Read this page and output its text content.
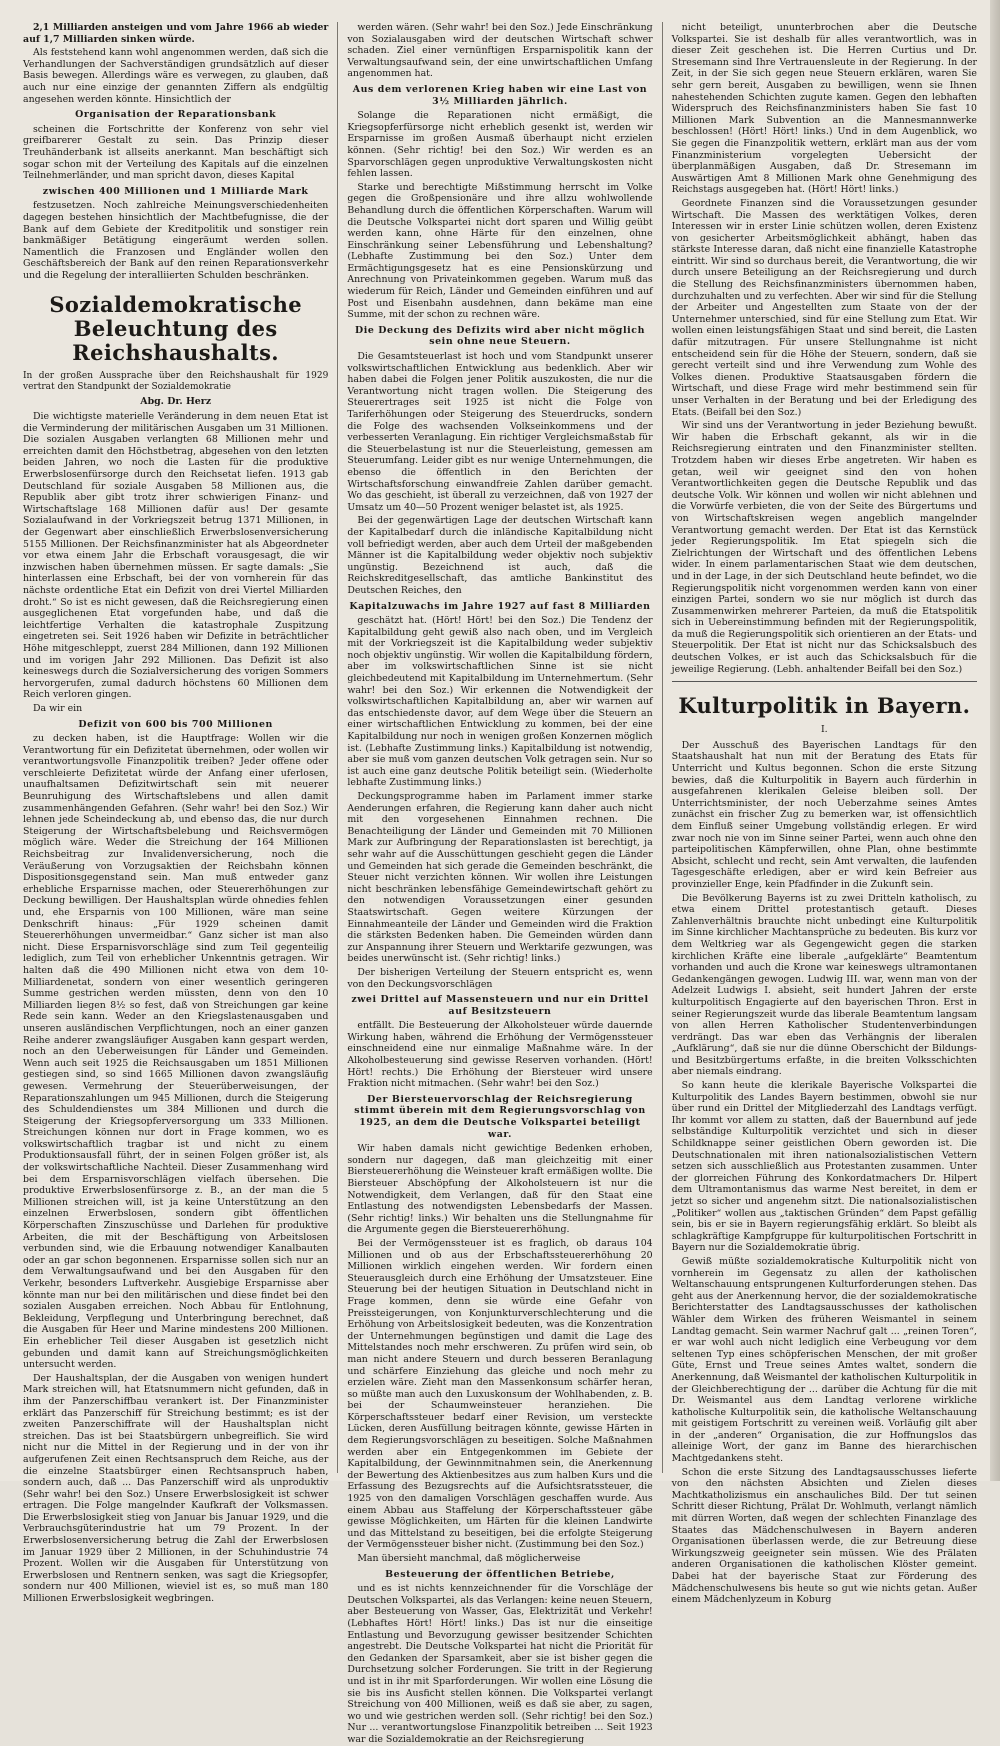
2,1 Milliarden ansteigen und vom Jahre 1966 ab wieder auf 1,7 Milliarden sinken würde.

Als feststehend kann wohl angenommen werden, daß sich die Verhandlungen der Sachverständigen grundsätzlich auf dieser Basis bewegen. Allerdings wäre es verwegen, zu glauben, daß auch nur eine einzige der genannten Ziffern als endgültig angesehen werden könnte. Hinsichtlich der

Organisation der Reparationsbank

scheinen die Fortschritte der Konferenz von sehr viel greifbarerer Gestalt zu sein. Das Prinzip dieser Treuhänderbank ist allseits anerkannt. Man beschäftigt sich sogar schon mit der Verteilung des Kapitals auf die einzelnen Teilnehmerländer, und man spricht davon, dieses Kapital

zwischen 400 Millionen und 1 Milliarde Mark

festzusetzen. Noch zahlreiche Meinungsverschiedenheiten dagegen bestehen hinsichtlich der Machtbefugnisse, die der Bank auf dem Gebiete der Kreditpolitik und sonstiger rein bankmäßiger Betätigung eingeräumt werden sollen. Namentlich die Franzosen und Engländer wollen den Geschäftsbereich der Bank auf den reinen Reparationsverkehr und die Regelung der interalliierten Schulden beschränken.

Sozialdemokratische Beleuchtung des
Reichshaushalts.

In der großen Aussprache über den Reichshaushalt für 1929 vertrat den Standpunkt der Sozialdemokratie

Abg. Dr. Herz

Die wichtigste materielle Veränderung in dem neuen Etat ist die Verminderung der militärischen Ausgaben um 31 Millionen. Die sozialen Ausgaben verlangten 68 Millionen mehr und erreichten damit den Höchstbetrag, abgesehen von den letzten beiden Jahren, wo noch die Lasten für die produktive Erwerbslosenfürsorge durch den Reichsetat liefen. 1913 gab Deutschland für soziale Ausgaben 58 Millionen aus, die Republik aber gibt trotz ihrer schwierigen Finanz- und Wirtschaftslage 168 Millionen dafür aus! Der gesamte Sozialaufwand in der Vorkriegszeit betrug 1371 Millionen, in der Gegenwart aber einschließlich Erwerbslosenversicherung 5155 Millionen. Der Reichsfinanzminister hat als Abgeordneter vor etwa einem Jahr die Erbschaft vorausgesagt, die wir inzwischen haben übernehmen müssen. Er sagte damals: „Sie hinterlassen eine Erbschaft, bei der von vornherein für das nächste ordentliche Etat ein Defizit von drei Viertel Milliarden droht.“ So ist es nicht gewesen, daß die Reichsregierung einen ausgeglichenen Etat vorgefunden habe, und daß die leichtfertige Verhalten die katastrophale Zuspitzung eingetreten sei. Seit 1926 haben wir Defizite in beträchtlicher Höhe mitgeschleppt, zuerst 284 Millionen, dann 192 Millionen und im vorigen Jahr 292 Millionen. Das Defizit ist also keineswegs durch die Sozialversicherung des vorigen Sommers hervorgerufen, zumal dadurch höchstens 60 Millionen dem Reich verloren gingen.

Da wir ein

Defizit von 600 bis 700 Millionen

zu decken haben, ist die Hauptfrage: Wollen wir die Verantwortung für ein Defizitetat übernehmen, oder wollen wir verantwortungsvolle Finanzpolitik treiben? Jeder offene oder verschleierte Defizitetat würde der Anfang einer uferlosen, unaufhaltsamen Defizitwirtschaft sein mit neuerer Beunruhigung des Wirtschaftslebens und allen damit zusammenhängenden Gefahren. (Sehr wahr! bei den Soz.) Wir lehnen jede Scheindeckung ab, und ebenso das, die nur durch Steigerung der Wirtschaftsbelebung und Reichsvermögen möglich wäre. Weder die Streichung der 164 Millionen Reichsbeitrag zur Invalidenversicherung, noch die Veräußerung von Vorzugsaktien der Reichsbahn können Dispositionsgegenstand sein. Man muß entweder ganz erhebliche Ersparnisse machen, oder Steuererhöhungen zur Deckung bewilligen. Der Haushaltsplan würde ohnedies fehlen und, ehe Ersparnis von 100 Millionen, wäre man seine Denkschrift hinaus: „Für 1929 scheinen damit Steuererhöhungen unvermeidbar.“ Ganz sicher ist man also nicht. Diese Ersparnisvorschläge sind zum Teil gegenteilig lediglich, zum Teil von erheblicher Unkenntnis getragen. Wir halten daß die 490 Millionen nicht etwa von dem 10-Milliardenetat, sondern von einer wesentlich geringeren Summe gestrichen werden müssten, denn von den 10 Milliarden liegen 8½ so fest, daß von Streichungen gar keine Rede sein kann. Weder an den Kriegslastenausgaben und unseren ausländischen Verpflichtungen, noch an einer ganzen Reihe anderer zwangsläufiger Ausgaben kann gespart werden, noch an den Ueberweisungen für Länder und Gemeinden. Wenn auch seit 1925 die Reichsausgaben um 1851 Millionen gestiegen sind, so sind 1665 Millionen davon zwangsläufig gewesen. Vermehrung der Steuerüberweisungen, der Reparationszahlungen um 945 Millionen, durch die Steigerung des Schuldendienstes um 384 Millionen und durch die Steigerung der Kriegsopferversorgung um 333 Millionen. Streichungen können nur dort in Frage kommen, wo es volkswirtschaftlich tragbar ist und nicht zu einem Produktionsausfall führt, der in seinen Folgen größer ist, als der volkswirtschaftliche Nachteil. Dieser Zusammenhang wird bei dem Ersparnisvorschlägen vielfach übersehen. Die produktive Erwerbslosenfürsorge z. B., an der man die 5 Millionen streichen will, ist ja keine Unterstützung an den einzelnen Erwerbslosen, sondern gibt öffentlichen Körperschaften Zinszuschüsse und Darlehen für produktive Arbeiten, die mit der Beschäftigung von Arbeitslosen verbunden sind, wie die Erbauung notwendiger Kanalbauten oder an gar schon begonnenen. Ersparnisse sollen sich nur an dem Verwaltungsaufwand und bei den Ausgaben für den Verkehr, besonders Luftverkehr. Ausgiebige Ersparnisse aber könnte man nur bei den militärischen und diese findet bei den sozialen Ausgaben erreichen. Noch Abbau für Entlohnung, Bekleidung, Verpflegung und Unterbringung berechnet, daß die Ausgaben für Heer und Marine mindestens 200 Millionen. Ein erheblicher Teil dieser Ausgaben ist gesetzlich nicht gebunden und damit kann auf Streichungsmöglichkeiten untersucht werden.

Der Haushaltsplan, der die Ausgaben von wenigen hundert Mark streichen will, hat Etatsnummern nicht gefunden, daß in ihm der Panzerschiffbau verankert ist. Der Finanzminister erklärt das Panzerschiff für Streichung bestimmt; es ist der zweiten Panzerschiffrate will der Haushaltsplan nicht streichen. Das ist bei Staatsbürgern unbegreiflich. Sie wird nicht nur die Mittel in der Regierung und in der von ihr aufgerufenen Zeit einen Rechtsanspruch dem Reiche, aus der die einzelne Staatsbürger einen Rechtsanspruch haben, sondern auch, daß ... Das Panzerschiff wird als unproduktiv (Sehr wahr! bei den Soz.) Unsere Erwerbslosigkeit ist schwer ertragen. Die Folge mangelnder Kaufkraft der Volksmassen. Die Erwerbslosigkeit stieg von Januar bis Januar 1929, und die Verbrauchsgüterindustrie hat um 79 Prozent. In der Erwerbslosenversicherung betrug die Zahl der Erwerbslosen im Januar 1929 über 2 Millionen, in der Schuhindustrie 74 Prozent. Wollen wir die Ausgaben für Unterstützung von Erwerbslosen und Rentnern senken, was sagt die Kriegsopfer, sondern nur 400 Millionen, wieviel ist es, so muß man 180 Millionen Erwerbslosigkeit wegbringen.

werden wären. (Sehr wahr! bei den Soz.) Jede Einschränkung von Sozialausgaben wird der deutschen Wirtschaft schwer schaden. Ziel einer vernünftigen Ersparnispolitik kann der Verwaltungsaufwand sein, der eine unwirtschaftlichen Umfang angenommen hat.

Aus dem verlorenen Krieg haben wir eine Last von 3½ Milliarden jährlich.

Solange die Reparationen nicht ermäßigt, die Kriegsopferfürsorge nicht erheblich gesenkt ist, werden wir Ersparnisse im großen Ausmaß überhaupt nicht erzielen können. (Sehr richtig! bei den Soz.) Wir werden es an Sparvorschlägen gegen unproduktive Verwaltungskosten nicht fehlen lassen.

Starke und berechtigte Mißstimmung herrscht im Volke gegen die Großpensionäre und ihre allzu wohlwollende Behandlung durch die öffentlichen Körperschaften. Warum will die Deutsche Volkspartei nicht dort sparen und Willig geübt werden kann, ohne Härte für den einzelnen, ohne Einschränkung seiner Lebensführung und Lebenshaltung? (Lebhafte Zustimmung bei den Soz.) Unter dem Ermächtigungsgesetz hat es eine Pensionskürzung und Anrechnung von Privateinkommen gegeben. Warum muß das wiederum für Reich, Länder und Gemeinden einführen und auf Post und Eisenbahn ausdehnen, dann bekäme man eine Summe, mit der schon zu rechnen wäre.

Die Deckung des Defizits wird aber nicht möglich sein ohne neue Steuern.

Die Gesamtsteuerlast ist hoch und vom Standpunkt unserer volkswirtschaftlichen Entwicklung aus bedenklich. Aber wir haben dabei die Folgen jener Politik auszukosten, die nur die Verantwortung nicht tragen wollen. Die Steigerung des Steuerertrages seit 1925 ist nicht die Folge von Tariferhöhungen oder Steigerung des Steuerdrucks, sondern die Folge des wachsenden Volkseinkommens und der verbesserten Veranlagung. Ein richtiger Vergleichsmaßstab für die Steuerbelastung ist nur die Steuerleistung, gemessen am Steuerumfang. Leider gibt es nur wenige Unternehmungen, die ebenso die öffentlich in den Berichten der Wirtschaftsforschung einwandfreie Zahlen darüber gemacht. Wo das geschieht, ist überall zu verzeichnen, daß von 1927 der Umsatz um 40—50 Prozent weniger belastet ist, als 1925.

Bei der gegenwärtigen Lage der deutschen Wirtschaft kann der Kapitalbedarf durch die inländische Kapitalbildung nicht voll befriedigt werden, aber auch dem Urteil der maßgebenden Männer ist die Kapitalbildung weder objektiv noch subjektiv ungünstig. Bezeichnend ist auch, daß die Reichskreditgesellschaft, das amtliche Bankinstitut des Deutschen Reiches, den

Kapitalzuwachs im Jahre 1927 auf fast 8 Milliarden

geschätzt hat. (Hört! Hört! bei den Soz.) Die Tendenz der Kapitalbildung geht gewiß also nach oben, und im Vergleich mit der Vorkriegszeit ist die Kapitalbildung weder subjektiv noch objektiv ungünstig. Wir wollen die Kapitalbildung fördern, aber im volkswirtschaftlichen Sinne ist sie nicht gleichbedeutend mit Kapitalbildung im Unternehmertum. (Sehr wahr! bei den Soz.) Wir erkennen die Notwendigkeit der volkswirtschaftlichen Kapitalbildung an, aber wir warnen auf das entschiedenste davor, auf dem Wege über die Steuern an einer wirtschaftlichen Entwicklung zu kommen, bei der eine Kapitalbildung nur noch in wenigen großen Konzernen möglich ist. (Lebhafte Zustimmung links.) Kapitalbildung ist notwendig, aber sie muß vom ganzen deutschen Volk getragen sein. Nur so ist auch eine ganz deutsche Politik beteiligt sein. (Wiederholte lebhafte Zustimmung links.)

Deckungsprogramme haben im Parlament immer starke Aenderungen erfahren, die Regierung kann daher auch nicht mit den vorgesehenen Einnahmen rechnen. Die Benachteiligung der Länder und Gemeinden mit 70 Millionen Mark zur Aufbringung der Reparationslasten ist berechtigt, ja sehr wahr auf die Ausschüttungen geschieht gegen die Länder und Gemeinden hat sich gerade die Gemeinden beschränkt, die Steuer nicht verzichten können. Wir wollen ihre Leistungen nicht beschränken lebensfähige Gemeindewirtschaft gehört zu den notwendigen Voraussetzungen einer gesunden Staatswirtschaft. Gegen weitere Kürzungen der Einnahmeanteile der Länder und Gemeinden wird die Fraktion die stärksten Bedenken haben. Die Gemeinden würden dann zur Anspannung ihrer Steuern und Werktarife gezwungen, was beides unerwünscht ist. (Sehr richtig! links.)

Der bisherigen Verteilung der Steuern entspricht es, wenn von den Deckungsvorschlägen

zwei Drittel auf Massensteuern und nur ein Drittel auf Besitzsteuern

entfällt. Die Besteuerung der Alkoholsteuer würde dauernde Wirkung haben, während die Erhöhung der Vermögenssteuer einschneidend eine nur einmalige Maßnahme wäre. In der Alkoholbesteuerung sind gewisse Reserven vorhanden. (Hört! Hört! rechts.) Die Erhöhung der Biersteuer wird unsere Fraktion nicht mitmachen. (Sehr wahr! bei den Soz.)

Der Biersteuervorschlag der Reichsregierung stimmt überein mit dem Regierungsvorschlag von 1925, an dem die Deutsche Volkspartei beteiligt war.

Wir haben damals nicht gewichtige Bedenken erhoben, sondern nur dagegen, daß man gleichzeitig mit einer Biersteuererhöhung die Weinsteuer kraft ermäßigen wollte. Die Biersteuer Abschöpfung der Alkoholsteuern ist nur die Notwendigkeit, dem Verlangen, daß für den Staat eine Entlastung des notwendigsten Lebensbedarfs der Massen. (Sehr richtig! links.) Wir behalten uns die Stellungnahme für die Argumente gegen die Biersteuererhöhung.

Bei der Vermögenssteuer ist es fraglich, ob daraus 104 Millionen und ob aus der Erbschaftssteuererhöhung 20 Millionen wirklich eingehen werden. Wir fordern einen Steuerausgleich durch eine Erhöhung der Umsatzsteuer. Eine Steuerung bei der heutigen Situation in Deutschland nicht in Frage kommen, denn sie würde eine Gefahr von Preissteigerungen, von Konjunkturverschlechterung und die Erhöhung von Arbeitslosigkeit bedeuten, was die Konzentration der Unternehmungen begünstigen und damit die Lage des Mittelstandes noch mehr erschweren. Zu prüfen wird sein, ob man nicht andere Steuern und durch besseren Beranlagung und schärfere Einziehung das gleiche und noch mehr zu erzielen wäre. Zieht man den Massenkonsum schärfer heran, so müßte man auch den Luxuskonsum der Wohlhabenden, z. B. bei der Schaumweinsteuer heranziehen. Die Körperschaftssteuer bedarf einer Revision, um versteckte Lücken, deren Ausfüllung beitragen könnte, gewisse Härten in dem Regierungsvorschlägen zu beseitigen. Solche Maßnahmen werden aber ein Entgegenkommen im Gebiete der Kapitalbildung, der Gewinnmitnahmen sein, die Anerkennung der Bewertung des Aktienbesitzes aus zum halben Kurs und die Erfassung des Bezugsrechts auf die Aufsichtsratssteuer, die 1925 von den damaligen Vorschlägen geschaffen wurde. Aus einem Abbau aus Staffelung der Körperschaftssteuer gäbe gewisse Möglichkeiten, um Härten für die kleinen Landwirte und das Mittelstand zu beseitigen, bei die erfolgte Steigerung der Vermögenssteuer bisher nicht. (Zustimmung bei den Soz.)

Man übersieht manchmal, daß möglicherweise

Besteuerung der öffentlichen Betriebe,

und es ist nichts kennzeichnender für die Vorschläge der Deutschen Volkspartei, als das Verlangen: keine neuen Steuern, aber Besteuerung von Wasser, Gas, Elektrizität und Verkehr! (Lebhaftes Hört! Hört! links.) Das ist nur die einseitige Entlastung und Bevorzugung gewisser besitzender Schichten angestrebt. Die Deutsche Volkspartei hat nicht die Priorität für den Gedanken der Sparsamkeit, aber sie ist bisher gegen die Durchsetzung solcher Forderungen. Sie tritt in der Regierung und ist in ihr mit Sparforderungen. Wir wollen eine Lösung die sie bis ins Ausficht stellen können. Die Volkspartei verlangt Streichung von 400 Millionen, weiß es daß sie aber, zu sagen, wo und wie gestrichen werden soll. (Sehr richtig! bei den Soz.) Nur ... verantwortungslose Finanzpolitik betreiben ... Seit 1923 war die Sozialdemokratie an der Reichsregierung

nicht beteiligt, ununterbrochen aber die Deutsche Volkspartei. Sie ist deshalb für alles verantwortlich, was in dieser Zeit geschehen ist. Die Herren Curtius und Dr. Stresemann sind Ihre Vertrauensleute in der Regierung. In der Zeit, in der Sie sich gegen neue Steuern erklären, waren Sie sehr gern bereit, Ausgaben zu bewilligen, wenn sie Ihnen nahestehenden Schichten zugute kamen. Gegen den lebhaften Widerspruch des Reichsfinanzministers haben Sie fast 10 Millionen Mark Subvention an die Mannesmannwerke beschlossen! (Hört! Hört! links.) Und in dem Augenblick, wo Sie gegen die Finanzpolitik wettern, erklärt man aus der vom Finanzministerium vorgelegten Uebersicht der überplanmäßigen Ausgaben, daß Dr. Stresemann im Auswärtigen Amt 8 Millionen Mark ohne Genehmigung des Reichstags ausgegeben hat. (Hört! Hört! links.)

Geordnete Finanzen sind die Voraussetzungen gesunder Wirtschaft. Die Massen des werktätigen Volkes, deren Interessen wir in erster Linie schützen wollen, deren Existenz von gesicherter Arbeitsmöglichkeit abhängt, haben das stärkste Interesse daran, daß nicht eine finanzielle Katastrophe eintritt. Wir sind so durchaus bereit, die Verantwortung, die wir durch unsere Beteiligung an der Reichsregierung und durch die Stellung des Reichsfinanzministers übernommen haben, durchzuhalten und zu verfechten. Aber wir sind für die Stellung der Arbeiter und Angestellten zum Staate von der der Unternehmer unterschied, sind für eine Stellung zum Etat. Wir wollen einen leistungsfähigen Staat und sind bereit, die Lasten dafür mitzutragen. Für unsere Stellungnahme ist nicht entscheidend sein für die Höhe der Steuern, sondern, daß sie gerecht verteilt sind und ihre Verwendung zum Wohle des Volkes dienen. Produktive Staatsausgaben fördern die Wirtschaft, und diese Frage wird mehr bestimmend sein für unser Verhalten in der Beratung und bei der Erledigung des Etats. (Beifall bei den Soz.)

Wir sind uns der Verantwortung in jeder Beziehung bewußt. Wir haben die Erbschaft gekannt, als wir in die Reichsregierung eintraten und den Finanzminister stellten. Trotzdem haben wir dieses Erbe angetreten. Wir haben es getan, weil wir geeignet sind den von hohen Verantwortlichkeiten gegen die Deutsche Republik und das deutsche Volk. Wir können und wollen wir nicht ablehnen und die Vorwürfe verbieten, die von der Seite des Bürgertums und von Wirtschaftskreisen wegen angeblich mangelnder Verantwortung gemacht werden. Der Etat ist das Kernstück jeder Regierungspolitik. Im Etat spiegeln sich die Zielrichtungen der Wirtschaft und des öffentlichen Lebens wider. In einem parlamentarischen Staat wie dem deutschen, und in der Lage, in der sich Deutschland heute befindet, wo die Regierungspolitik nicht vorgenommen werden kann von einer einzigen Partei, sondern wo sie nur möglich ist durch das Zusammenwirken mehrerer Parteien, da muß die Etatspolitik sich in Uebereinstimmung befinden mit der Regierungspolitik, da muß die Regierungspolitik sich orientieren an der Etats- und Steuerpolitik. Der Etat ist nicht nur das Schicksalsbuch des deutschen Volkes, er ist auch das Schicksalsbuch für die jeweilige Regierung. (Lebh. anhaltender Beifall bei den Soz.)

Kulturpolitik in Bayern.
I.

Der Ausschuß des Bayerischen Landtags für den Staatshaushalt hat nun mit der Beratung des Etats für Unterricht und Kultus begonnen. Schon die erste Sitzung bewies, daß die Kulturpolitik in Bayern auch fürderhin in ausgefahrenen klerikalen Geleise bleiben soll. Der Unterrichtsminister, der noch Ueberzahme seines Amtes zunächst ein frischer Zug zu bemerken war, ist offensichtlich dem Einfluß seiner Umgebung vollständig erlegen. Er wird zwar noch nie von im Sinne seiner Partei, wenn auch ohne den parteipolitischen Kämpferwillen, ohne Plan, ohne bestimmte Absicht, schlecht und recht, sein Amt verwalten, die laufenden Tagesgeschäfte erledigen, aber er wird kein Befreier aus provinzieller Enge, kein Pfadfinder in die Zukunft sein.

Die Bevölkerung Bayerns ist zu zwei Dritteln katholisch, zu etwa einem Drittel protestantisch getauft. Dieses Zahlenverhältnis brauchte nicht unbedingt eine Kulturpolitik im Sinne kirchlicher Machtansprüche zu bedeuten. Bis kurz vor dem Weltkrieg war als Gegengewicht gegen die starken kirchlichen Kräfte eine liberale „aufgeklärte“ Beamtentum vorhanden und auch die Krone war keineswegs ultramontanen Gedankengängen gewogen. Ludwig III. war, wenn man von der Adelzeit Ludwigs I. absieht, seit hundert Jahren der erste kulturpolitisch Engagierte auf den bayerischen Thron. Erst in seiner Regierungszeit wurde das liberale Beamtentum langsam von allen Herren Katholischer Studentenverbindungen verdrängt. Das war eben das Verhängnis der liberalen „Aufklärung“, daß sie nur die dünne Oberschicht der Bildungs- und Besitzbürgertums erfaßte, in die breiten Volksschichten aber niemals eindrang.

So kann heute die klerikale Bayerische Volkspartei die Kulturpolitik des Landes Bayern bestimmen, obwohl sie nur über rund ein Drittel der Mitgliederzahl des Landtags verfügt. Ihr kommt vor allem zu statten, daß der Bauernbund auf jede selbständige Kulturpolitik verzichtet und sich in dieser Schildknappe seiner geistlichen Obern geworden ist. Die Deutschnationalen mit ihren nationalsozialistischen Vettern setzen sich ausschließlich aus Protestanten zusammen. Unter der glorreichen Führung des Konkordatmachers Dr. Hilpert dem Ultramontanismus das warme Nest bereitet, in dem er jetzt so sicher und angenehm sitzt. Die nationalsozialistischen „Politiker“ wollen aus „taktischen Gründen“ dem Papst gefällig sein, bis er sie in Bayern regierungsfähig erklärt. So bleibt als schlagkräftige Kampfgruppe für kulturpolitischen Fortschritt in Bayern nur die Sozialdemokratie übrig.

Gewiß müßte sozialdemokratische Kulturpolitik nicht von vornherein im Gegensatz zu allen der katholischen Weltanschauung entsprungenen Kulturforderungen stehen. Das geht aus der Anerkennung hervor, die der sozialdemokratische Berichterstatter des Landtagsausschusses der katholischen Wähler dem Wirken des früheren Weismantel in seinem Landtag gemacht. Sein warmer Nachruf galt ... „reinen Toren“, er war wohl auch nicht lediglich eine Verbeugung vor dem seltenen Typ eines schöpferischen Menschen, der mit großer Güte, Ernst und Treue seines Amtes waltet, sondern die Anerkennung, daß Weismantel der katholischen Kulturpolitik in der Gleichberechtigung der ... darüber die Achtung für die mit Dr. Weismantel aus dem Landtag verlorene wirkliche katholische Kulturpolitik sein, die katholische Weltanschauung mit geistigem Fortschritt zu vereinen weiß. Vorläufig gilt aber in der „anderen“ Organisation, die zur Hoffnungslos das alleinige Wort, der ganz im Banne des hierarchischen Machtgedankens steht.

Schon die erste Sitzung des Landtagsausschusses lieferte von den nächsten Absichten und Zielen dieses Machtkatholizismus ein anschauliches Bild. Der tut seinen Schritt dieser Richtung, Prälat Dr. Wohlmuth, verlangt nämlich mit dürren Worten, daß wegen der schlechten Finanzlage des Staates das Mädchenschulwesen in Bayern anderen Organisationen überlassen werde, die zur Betreuung diese Wirkungszweig geeigneter sein müssen. Wie des Prälaten anderen Organisationen die katholischen Klöster gemeint. Dabei hat der bayerische Staat zur Förderung des Mädchenschulwesens bis heute so gut wie nichts getan. Außer einem Mädchenlyzeum in Koburg
